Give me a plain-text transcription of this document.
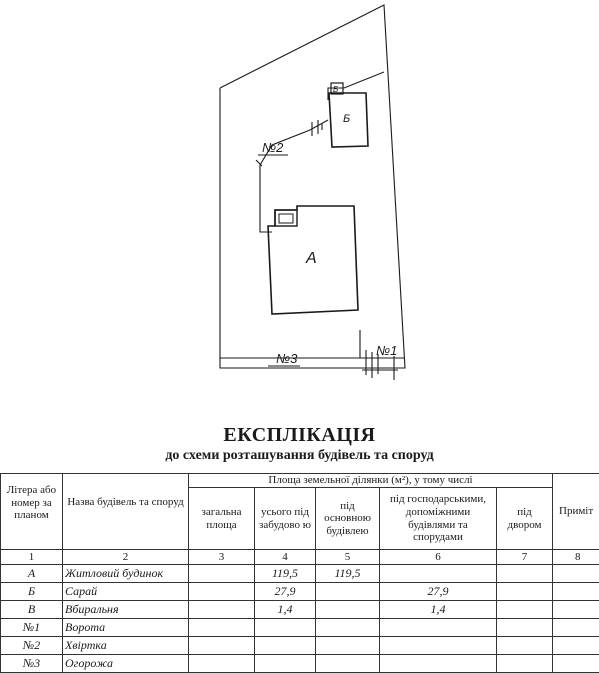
А
Б
Б
№1
№2
№3
ЕКСПЛІКАЦІЯ
до схеми розташування будівель та споруд
Літера або номер за планом	Назва будівель та споруд	Площа земельної ділянки (м²), у тому числі					Приміт
		загальна площа	усього під забудово ю	під основною будівлею	під господарськими, допоміжними будівлями та спорудами	під двором	
1	2	3	4	5	6	7	8
А	Житловий будинок		119,5	119,5			
Б	Сарай		27,9		27,9		
В	Вбиральня		1,4		1,4		
№1	Ворота						
№2	Хвіртка						
№3	Огорожа						
